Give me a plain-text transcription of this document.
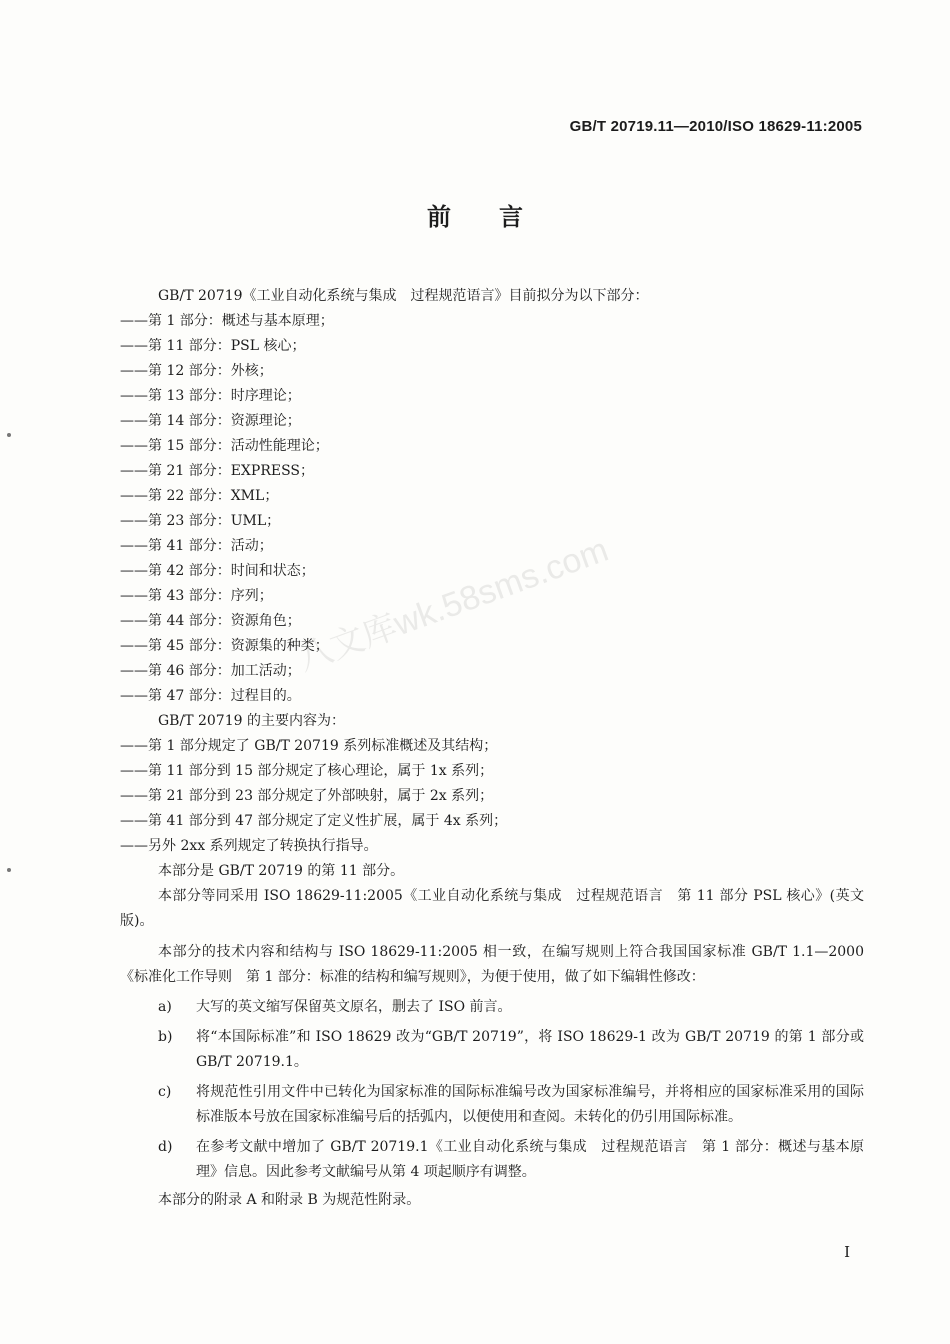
GB/T 20719.11—2010/ISO 18629-11:2005
前言
八文库wk.58sms.com
GB/T 20719《工业自动化系统与集成　过程规范语言》目前拟分为以下部分：
——第 1 部分：概述与基本原理；
——第 11 部分：PSL 核心；
——第 12 部分：外核；
——第 13 部分：时序理论；
——第 14 部分：资源理论；
——第 15 部分：活动性能理论；
——第 21 部分：EXPRESS；
——第 22 部分：XML；
——第 23 部分：UML；
——第 41 部分：活动；
——第 42 部分：时间和状态；
——第 43 部分：序列；
——第 44 部分：资源角色；
——第 45 部分：资源集的种类；
——第 46 部分：加工活动；
——第 47 部分：过程目的。
GB/T 20719 的主要内容为：
——第 1 部分规定了 GB/T 20719 系列标准概述及其结构；
——第 11 部分到 15 部分规定了核心理论，属于 1x 系列；
——第 21 部分到 23 部分规定了外部映射，属于 2x 系列；
——第 41 部分到 47 部分规定了定义性扩展，属于 4x 系列；
——另外 2xx 系列规定了转换执行指导。
本部分是 GB/T 20719 的第 11 部分。

本部分等同采用 ISO 18629-11:2005《工业自动化系统与集成　过程规范语言　第 11 部分 PSL 核心》(英文版)。

本部分的技术内容和结构与 ISO 18629-11:2005 相一致，在编写规则上符合我国国家标准 GB/T 1.1—2000《标准化工作导则　第 1 部分：标准的结构和编写规则》，为便于使用，做了如下编辑性修改：

a)	大写的英文缩写保留英文原名，删去了 ISO 前言。
b)	将“本国际标准”和 ISO 18629 改为“GB/T 20719”，将 ISO 18629-1 改为 GB/T 20719 的第 1 部分或 GB/T 20719.1。
c)	将规范性引用文件中已转化为国家标准的国际标准编号改为国家标准编号，并将相应的国家标准采用的国际标准版本号放在国家标准编号后的括弧内，以便使用和查阅。未转化的仍引用国际标准。
d)	在参考文献中增加了 GB/T 20719.1《工业自动化系统与集成　过程规范语言　第 1 部分：概述与基本原理》信息。因此参考文献编号从第 4 项起顺序有调整。
本部分的附录 A 和附录 B 为规范性附录。
I
